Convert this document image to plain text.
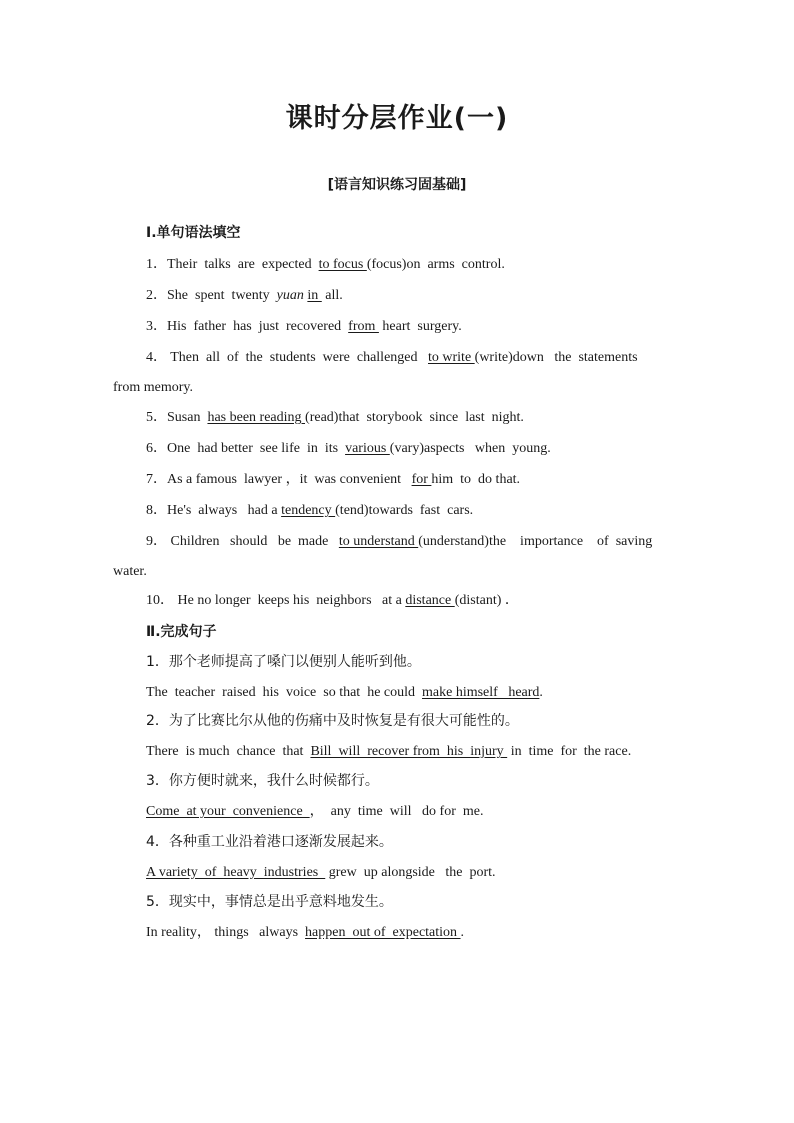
课时分层作业(一)
[语言知识练习固基础]
Ⅰ.单句语法填空
1．Their  talks  are  expected  to focus (focus)on  arms  control.
2．She  spent  twenty  yuan in  all.
3．His  father  has  just  recovered  from  heart  surgery.
4． Then  all  of  the  students  were  challenged   to write (write)down   the  statements
from memory.
5．Susan  has been reading (read)that  storybook  since  last  night.
6．One  had better  see life  in  its  various (vary)aspects   when  young.
7．As a famous  lawyer ，it  was convenient   for him  to  do that.
8．He's  always   had a tendency (tend)towards  fast  cars.
9． Children   should   be  made   to understand (understand)the    importance    of  saving
water.
10． He no longer  keeps his  neighbors   at a distance (distant) ．
Ⅱ.完成句子
1．那个老师提高了嗓门以便别人能听到他。
The  teacher  raised  his  voice  so that  he could  make himself   heard.
2．为了比赛比尔从他的伤痛中及时恢复是有很大可能性的。
There  is much  chance  that  Bill  will  recover from  his  injury  in  time  for  the race.
3．你方便时就来，我什么时候都行。
Come  at your  convenience  ，  any  time  will   do for  me.
4．各种重工业沿着港口逐渐发展起来。
A variety  of  heavy  industries   grew  up alongside   the  port.
5．现实中，事情总是出乎意料地发生。
In reality， things   always  happen  out of  expectation .
